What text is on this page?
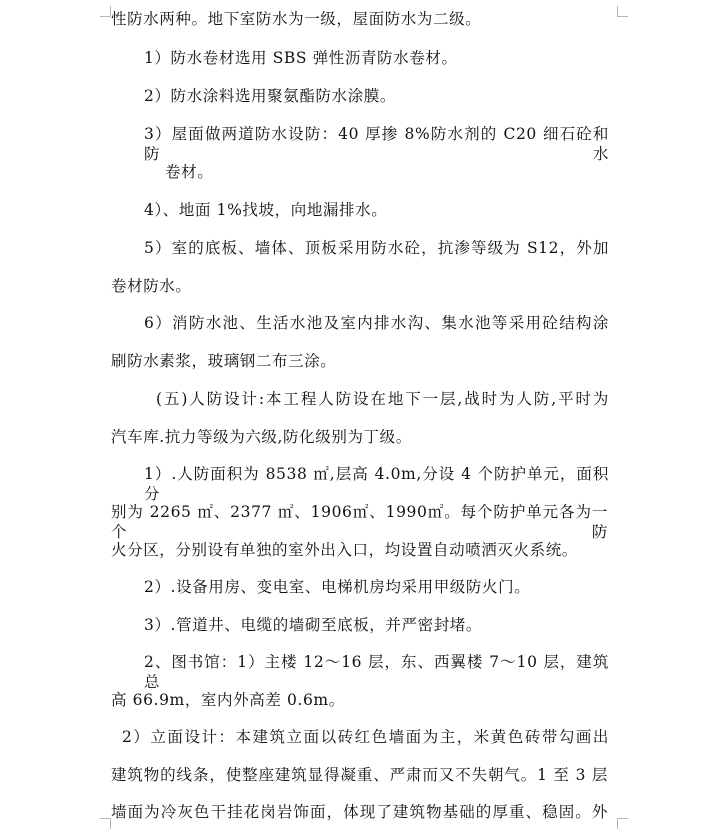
性防水两种。地下室防水为一级，屋面防水为二级。
1）防水卷材选用 SBS 弹性沥青防水卷材。
2）防水涂料选用聚氨酯防水涂膜。
3）屋面做两道防水设防：40 厚掺 8%防水剂的 C20 细石砼和防水
卷材。
4）、地面 1%找坡，向地漏排水。
5）室的底板、墙体、顶板采用防水砼，抗渗等级为 S12，外加
卷材防水。
6）消防水池、生活水池及室内排水沟、集水池等采用砼结构涂
刷防水素浆，玻璃钢二布三涂。
(五)人防设计:本工程人防设在地下一层,战时为人防,平时为
汽车库.抗力等级为六级,防化级别为丁级。
1）.人防面积为 8538 ㎡,层高 4.0m,分设 4 个防护单元，面积分
别为 2265 ㎡、2377 ㎡、1906㎡、1990㎡。每个防护单元各为一个防
火分区，分别设有单独的室外出入口，均设置自动喷洒灭火系统。
2）.设备用房、变电室、电梯机房均采用甲级防火门。
3）.管道井、电缆的墙砌至底板，并严密封堵。
2、图书馆：1）主楼 12～16 层，东、西翼楼 7～10 层，建筑总
高 66.9m，室内外高差 0.6m。
2）立面设计：本建筑立面以砖红色墙面为主，米黄色砖带勾画出
建筑物的线条，使整座建筑显得凝重、严肃而又不失朝气。1 至 3 层
墙面为冷灰色干挂花岗岩饰面，体现了建筑物基础的厚重、稳固。外
